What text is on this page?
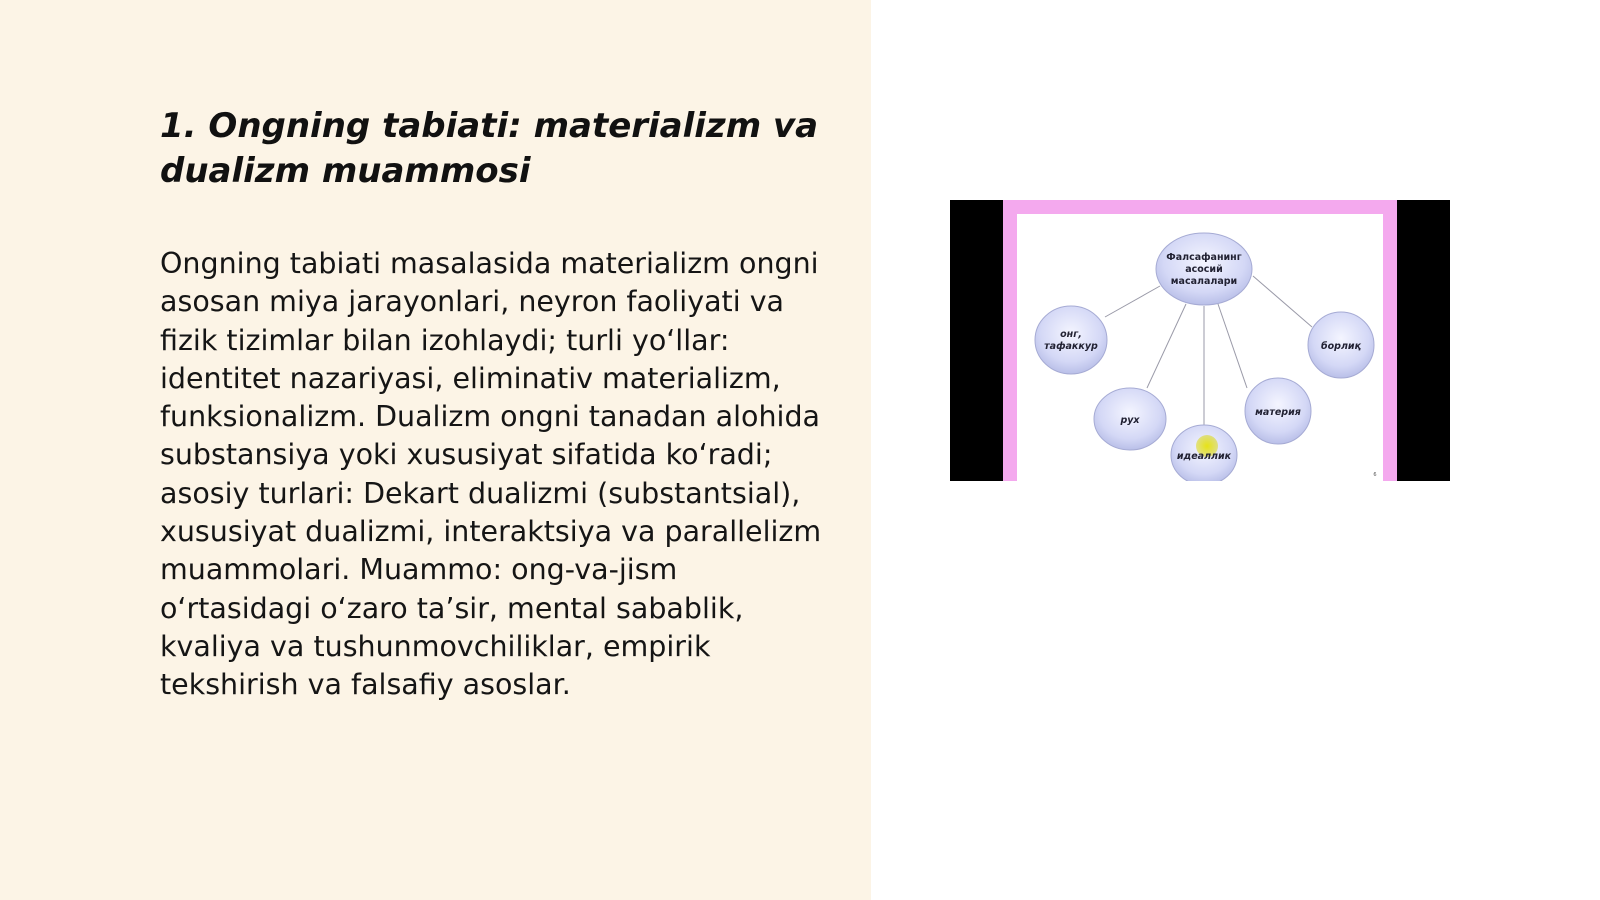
1. Ongning tabiati: materializm va dualizm muammosi

Ongning tabiati masalasida materializm ongni asosan miya jarayonlari, neyron faoliyati va fizik tizimlar bilan izohlaydi; turli yo‘llar: identitet nazariyasi, eliminativ materializm, funksionalizm. Dualizm ongni tanadan alohida substansiya yoki xususiyat sifatida ko‘radi; asosiy turlari: Dekart dualizmi (substantsial), xususiyat dualizmi, interaktsiya va parallelizm muammolari. Muammo: ong-va-jism o‘rtasidagi o‘zaro ta’sir, mental sabablik, kvaliya va tushunmovchiliklar, empirik tekshirish va falsafiy asoslar.

Фалсафанинг
асосий
масалалари
онг,
тафаккур	борлиқ
рух
материя
идеаллик
6
